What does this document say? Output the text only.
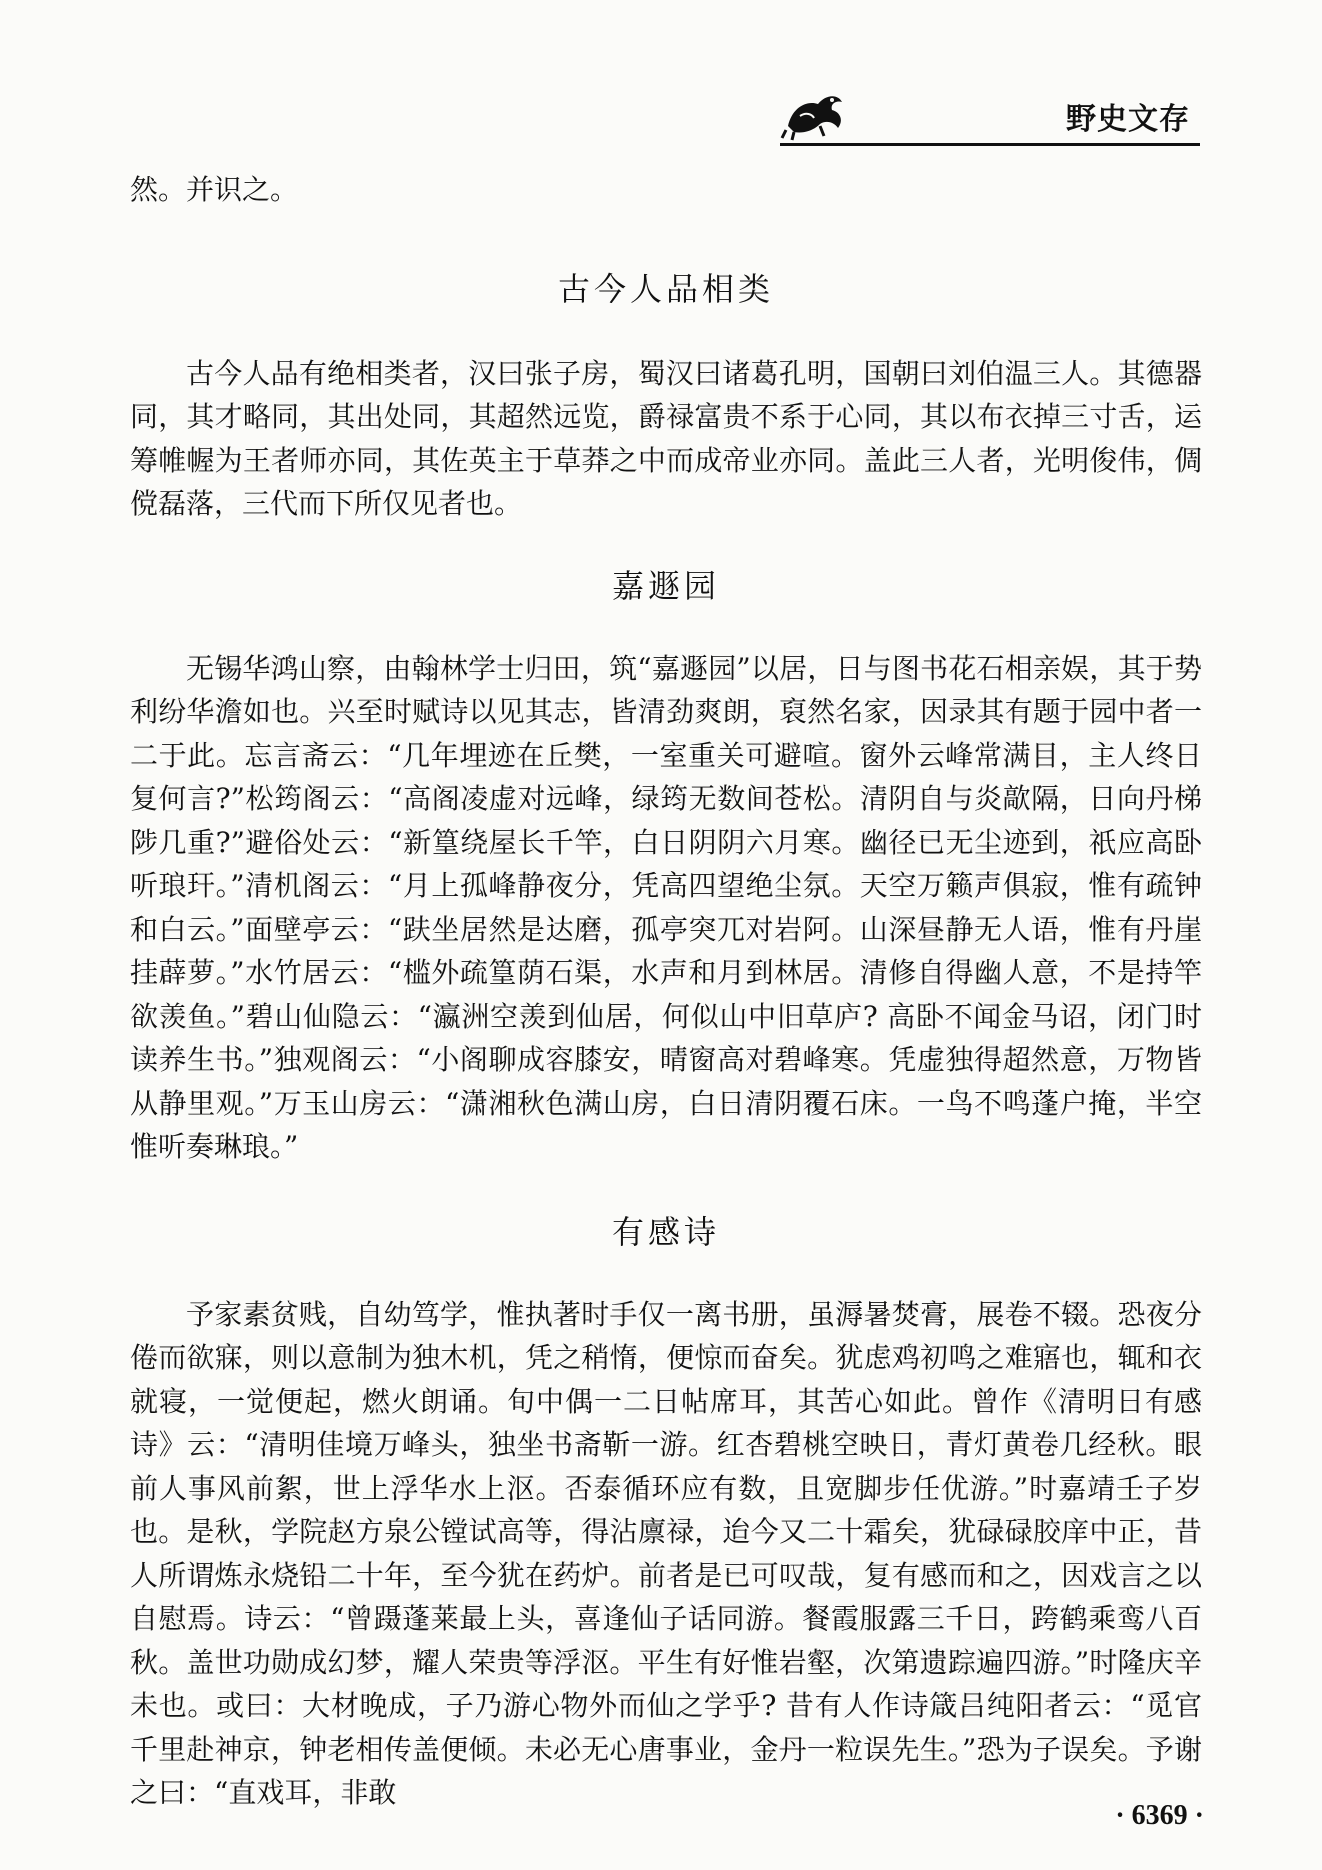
野史文存

然。并识之。

古今人品相类

古今人品有绝相类者，汉曰张子房，蜀汉曰诸葛孔明，国朝曰刘伯温三人。其德器同，其才略同，其出处同，其超然远览，爵禄富贵不系于心同，其以布衣掉三寸舌，运筹帷幄为王者师亦同，其佐英主于草莽之中而成帝业亦同。盖此三人者，光明俊伟，倜傥磊落，三代而下所仅见者也。

嘉遯园

无锡华鸿山察，由翰林学士归田，筑“嘉遯园”以居，日与图书花石相亲娱，其于势利纷华澹如也。兴至时赋诗以见其志，皆清劲爽朗，裒然名家，因录其有题于园中者一二于此。忘言斋云：“几年埋迹在丘樊，一室重关可避喧。窗外云峰常满目，主人终日复何言?”松筠阁云：“高阁凌虚对远峰，绿筠无数间苍松。清阴自与炎歊隔，日向丹梯陟几重?”避俗处云：“新篁绕屋长千竿，白日阴阴六月寒。幽径已无尘迹到，祇应高卧听琅玕。”清机阁云：“月上孤峰静夜分，凭高四望绝尘氛。天空万籁声俱寂，惟有疏钟和白云。”面壁亭云：“趺坐居然是达磨，孤亭突兀对岩阿。山深昼静无人语，惟有丹崖挂薜萝。”水竹居云：“槛外疏篁荫石渠，水声和月到林居。清修自得幽人意，不是持竿欲羡鱼。”碧山仙隐云：“瀛洲空羡到仙居，何似山中旧草庐? 高卧不闻金马诏，闭门时读养生书。”独观阁云：“小阁聊成容膝安，晴窗高对碧峰寒。凭虚独得超然意，万物皆从静里观。”万玉山房云：“潇湘秋色满山房，白日清阴覆石床。一鸟不鸣蓬户掩，半空惟听奏琳琅。”

有感诗

予家素贫贱，自幼笃学，惟执著时手仅一离书册，虽溽暑焚膏，展卷不辍。恐夜分倦而欲寐，则以意制为独木机，凭之稍惰，便惊而奋矣。犹虑鸡初鸣之难寤也，辄和衣就寝，一觉便起，燃火朗诵。旬中偶一二日帖席耳，其苦心如此。曾作《清明日有感诗》云：“清明佳境万峰头，独坐书斋靳一游。红杏碧桃空映日，青灯黄卷几经秋。眼前人事风前絮，世上浮华水上沤。否泰循环应有数，且宽脚步任优游。”时嘉靖壬子岁也。是秋，学院赵方泉公镗试高等，得沾廪禄，迨今又二十霜矣，犹碌碌胶庠中正，昔人所谓炼永烧铅二十年，至今犹在药炉。前者是已可叹哉，复有感而和之，因戏言之以自慰焉。诗云：“曾蹑蓬莱最上头，喜逢仙子话同游。餐霞服露三千日，跨鹤乘鸾八百秋。盖世功勋成幻梦，耀人荣贵等浮沤。平生有好惟岩壑，次第遗踪遍四游。”时隆庆辛未也。或曰：大材晚成，子乃游心物外而仙之学乎? 昔有人作诗箴吕纯阳者云：“觅官千里赴神京，钟老相传盖便倾。未必无心唐事业，金丹一粒误先生。”恐为子误矣。予谢之曰：“直戏耳，非敢

· 6369 ·
